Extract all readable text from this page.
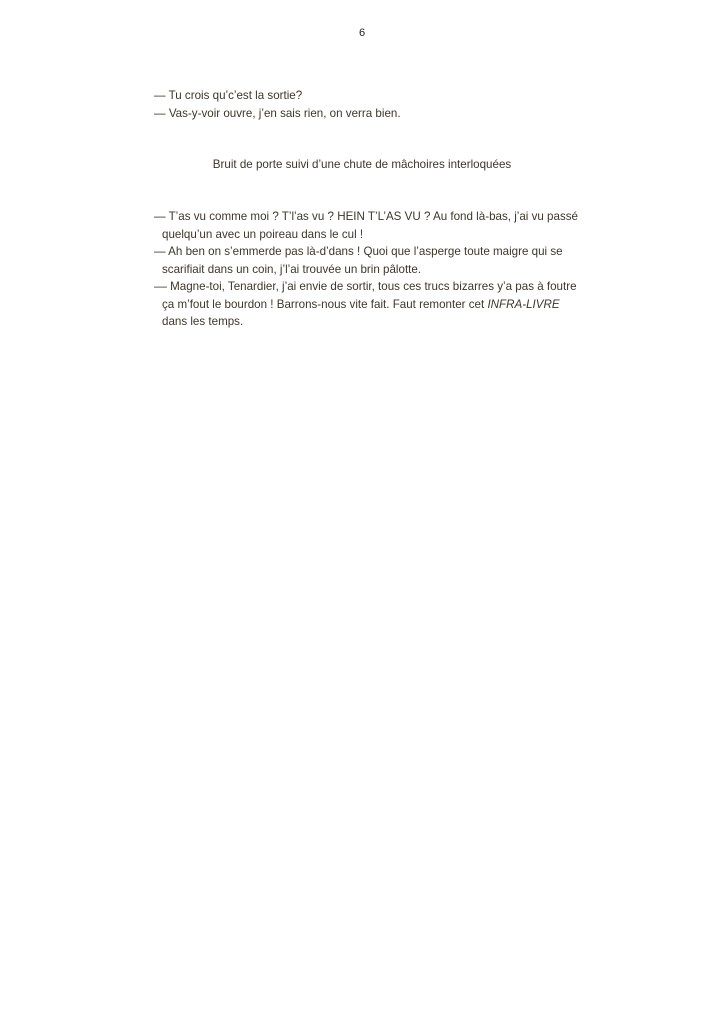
6
— Tu crois qu’c’est la sortie?
— Vas-y-voir ouvre, j’en sais rien, on verra bien.
Bruit de porte suivi d’une chute de mâchoires interloquées
— T’as vu comme moi ? T’l’as vu ? HEIN T’L’AS VU ? Au fond là-bas, j’ai vu passé
quelqu’un avec un poireau dans le cul !
— Ah ben on s’emmerde pas là-d’dans ! Quoi que l’asperge toute maigre qui se
scarifiait dans un coin, j’l’ai trouvée un brin pâlotte.
–– Magne-toi, Tenardier, j’ai envie de sortir, tous ces trucs bizarres y’a pas à foutre
ça m’fout le bourdon ! Barrons-nous vite fait. Faut remonter cet INFRA-LIVRE
dans les temps.
